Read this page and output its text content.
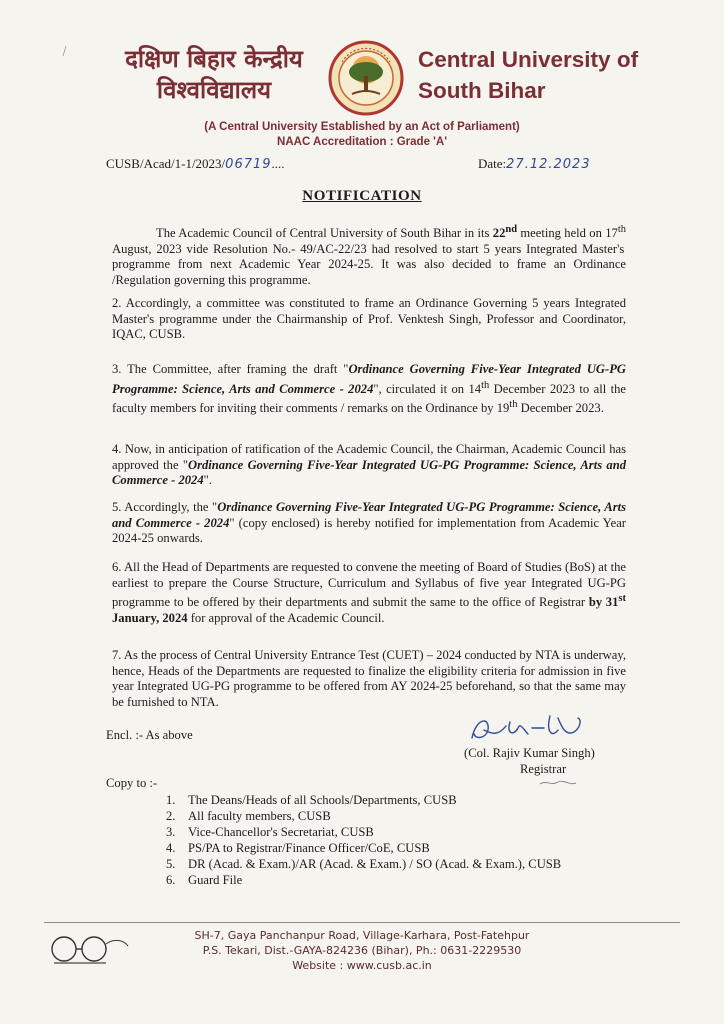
दक्षिण बिहार केन्द्रीय
विश्वविद्यालय
Central University of
South Bihar
(A Central University Established by an Act of Parliament)
NAAC Accreditation : Grade 'A'
CUSB/Acad/1-1/2023/06719....	Date:27.12.2023
NOTIFICATION

The Academic Council of Central University of South Bihar in its 22nd meeting held on 17th August, 2023 vide Resolution No.- 49/AC-22/23 had resolved to start 5 years Integrated Master's programme from next Academic Year 2024-25. It was also decided to frame an Ordinance /Regulation governing this programme.

2. Accordingly, a committee was constituted to frame an Ordinance Governing 5 years Integrated Master's programme under the Chairmanship of Prof. Venktesh Singh, Professor and Coordinator, IQAC, CUSB.

3. The Committee, after framing the draft "Ordinance Governing Five-Year Integrated UG-PG Programme: Science, Arts and Commerce - 2024", circulated it on 14th December 2023 to all the faculty members for inviting their comments / remarks on the Ordinance by 19th December 2023.

4. Now, in anticipation of ratification of the Academic Council, the Chairman, Academic Council has approved the "Ordinance Governing Five-Year Integrated UG-PG Programme: Science, Arts and Commerce - 2024".

5. Accordingly, the "Ordinance Governing Five-Year Integrated UG-PG Programme: Science, Arts and Commerce - 2024" (copy enclosed) is hereby notified for implementation from Academic Year 2024-25 onwards.

6. All the Head of Departments are requested to convene the meeting of Board of Studies (BoS) at the earliest to prepare the Course Structure, Curriculum and Syllabus of five year Integrated UG-PG programme to be offered by their departments and submit the same to the office of Registrar by 31st January, 2024 for approval of the Academic Council.

7. As the process of Central University Entrance Test (CUET) – 2024 conducted by NTA is underway, hence, Heads of the Departments are requested to finalize the eligibility criteria for admission in five year Integrated UG-PG programme to be offered from AY 2024-25 beforehand, so that the same may be furnished to NTA.

Encl. :- As above
(Col. Rajiv Kumar Singh)
Registrar
Copy to :-
1. The Deans/Heads of all Schools/Departments, CUSB
2. All faculty members, CUSB
3. Vice-Chancellor's Secretariat, CUSB
4. PS/PA to Registrar/Finance Officer/CoE, CUSB
5. DR (Acad. & Exam.)/AR (Acad. & Exam.) / SO (Acad. & Exam.), CUSB
6. Guard File
SH-7, Gaya Panchanpur Road, Village-Karhara, Post-Fatehpur
P.S. Tekari, Dist.-GAYA-824236 (Bihar), Ph.: 0631-2229530
Website : www.cusb.ac.in
